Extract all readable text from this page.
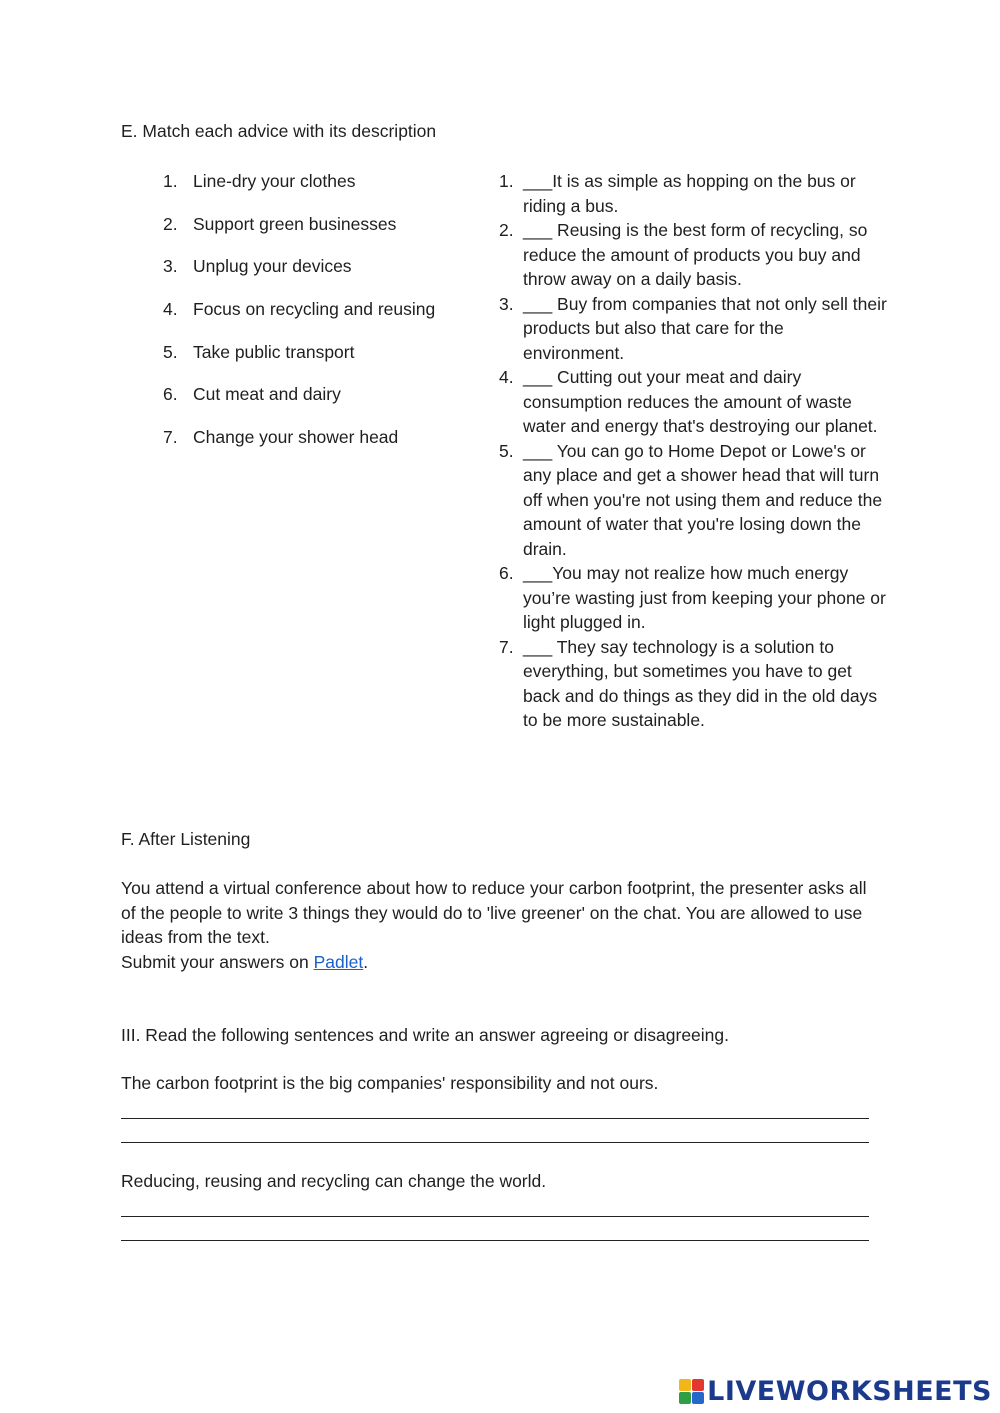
E. Match each advice with its description
1. Line-dry your clothes
2. Support green businesses
3. Unplug your devices
4. Focus on recycling and reusing
5. Take public transport
6. Cut meat and dairy
7. Change your shower head
1. ___It is as simple as hopping on the bus or riding a bus.
2. ___ Reusing is the best form of recycling, so reduce the amount of products you buy and throw away on a daily basis.
3. ___ Buy from companies that not only sell their products but also that care for the environment.
4. ___ Cutting out your meat and dairy consumption reduces the amount of waste water and energy that's destroying our planet.
5. ___ You can go to Home Depot or Lowe's or any place and get a shower head that will turn off when you're not using them and reduce the amount of water that you're losing down the drain.
6. ___You may not realize how much energy you’re wasting just from keeping your phone or light plugged in.
7. ___ They say technology is a solution to everything, but sometimes you have to get back and do things as they did in the old days to be more sustainable.
F. After Listening
You attend a virtual conference about how to reduce your carbon footprint, the presenter asks all of the people to write 3 things they would do to 'live greener' on the chat. You are allowed to use ideas from the text.
Submit your answers on Padlet.
III. Read the following sentences and write an answer agreeing or disagreeing.
The carbon footprint is the big companies' responsibility and not ours.
Reducing, reusing and recycling can change the world.
LIVEWORKSHEETS
